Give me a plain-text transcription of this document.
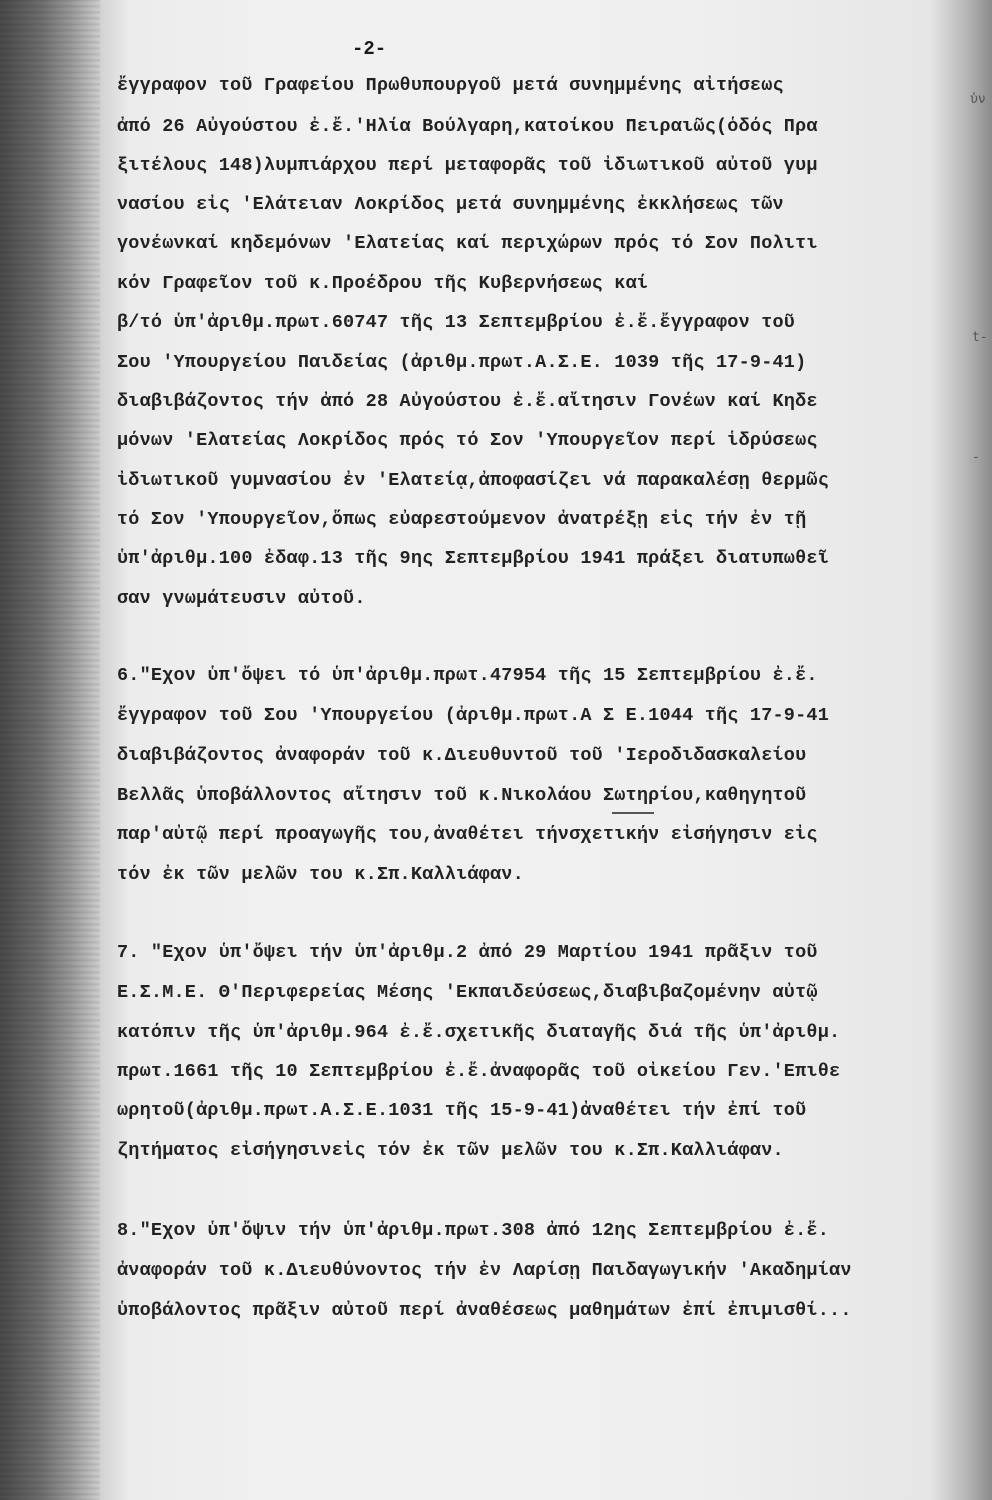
-2-
ἔγγραφον τοῦ Γραφείου Πρωθυπουργοῦ μετά συνημμένης αἰτήσεως
ἀπό 26 Αὐγούστου ἐ.ἔ.'Ηλία Βούλγαρη,κατοίκου Πειραιῶς(ὁδός Πρα
ξιτέλους 148)λυμπιάρχου περί μεταφορᾶς τοῦ ἰδιωτικοῦ αὐτοῦ γυμ
νασίου εἰς 'Ελάτειαν Λοκρίδος μετά συνημμένης ἐκκλήσεως τῶν
γονέωνκαί κηδεμόνων 'Ελατείας καί περιχώρων πρός τό Σον Πολιτι
κόν Γραφεῖον τοῦ κ.Προέδρου τῆς Κυβερνήσεως καί
β/τό ὑπ'ἀριθμ.πρωτ.60747 τῆς 13 Σεπτεμβρίου ἐ.ἔ.ἔγγραφον τοῦ
Σου 'Υπουργείου Παιδείας (ἀριθμ.πρωτ.Α.Σ.Ε. 1039 τῆς 17-9-41)
διαβιβάζοντος τήν ἀπό 28 Αὐγούστου ἐ.ἔ.αἴτησιν Γονέων καί Κηδε
μόνων 'Ελατείας Λοκρίδος πρός τό Σον 'Υπουργεῖον περί ἱδρύσεως
ἰδιωτικοῦ γυμνασίου ἐν 'Ελατείᾳ,ἀποφασίζει νά παρακαλέσῃ θερμῶς
τό Σον 'Υπουργεῖον,ὅπως εὐαρεστούμενον ἀνατρέξῃ εἰς τήν ἐν τῇ
ὑπ'ἀριθμ.100 ἐδαφ.13 τῆς 9ης Σεπτεμβρίου 1941 πράξει διατυπωθεῖ
σαν γνωμάτευσιν αὐτοῦ.
6."Εχον ὑπ'ὄψει τό ὑπ'ἀριθμ.πρωτ.47954 τῆς 15 Σεπτεμβρίου ἐ.ἔ.
ἔγγραφον τοῦ Σου 'Υπουργείου (ἀριθμ.πρωτ.Α Σ Ε.1044 τῆς 17-9-41
διαβιβάζοντος ἀναφοράν τοῦ κ.Διευθυντοῦ τοῦ 'Ιεροδιδασκαλείου
Βελλᾶς ὑποβάλλοντος αἴτησιν τοῦ κ.Νικολάου Σωτηρίου,καθηγητοῦ
παρ'αὐτῷ περί προαγωγῆς του,ἀναθέτει τήνσχετικήν εἰσήγησιν εἰς
τόν ἐκ τῶν μελῶν του κ.Σπ.Καλλιάφαν.
7. "Εχον ὑπ'ὄψει τήν ὑπ'ἀριθμ.2 ἀπό 29 Μαρτίου 1941 πρᾶξιν τοῦ
Ε.Σ.Μ.Ε. Θ'Περιφερείας Μέσης 'Εκπαιδεύσεως,διαβιβαζομένην αὐτῷ
κατόπιν τῆς ὑπ'ἀριθμ.964 ἐ.ἔ.σχετικῆς διαταγῆς διά τῆς ὑπ'ἀριθμ.
πρωτ.1661 τῆς 10 Σεπτεμβρίου ἐ.ἔ.ἀναφορᾶς τοῦ οἰκείου Γεν.'Επιθε
ωρητοῦ(ἀριθμ.πρωτ.Α.Σ.Ε.1031 τῆς 15-9-41)ἀναθέτει τήν ἐπί τοῦ
ζητήματος εἰσήγησινεἰς τόν ἐκ τῶν μελῶν του κ.Σπ.Καλλιάφαν.
8."Εχον ὑπ'ὄψιν τήν ὑπ'ἀριθμ.πρωτ.308 ἀπό 12ης Σεπτεμβρίου ἐ.ἔ.
ἀναφοράν τοῦ κ.Διευθύνοντος τήν ἐν Λαρίσῃ Παιδαγωγικήν 'Ακαδημίαν
ὑποβάλοντος πρᾶξιν αὐτοῦ περί ἀναθέσεως μαθημάτων ἐπί ἐπιμισθί...
ὑν
t-
-
